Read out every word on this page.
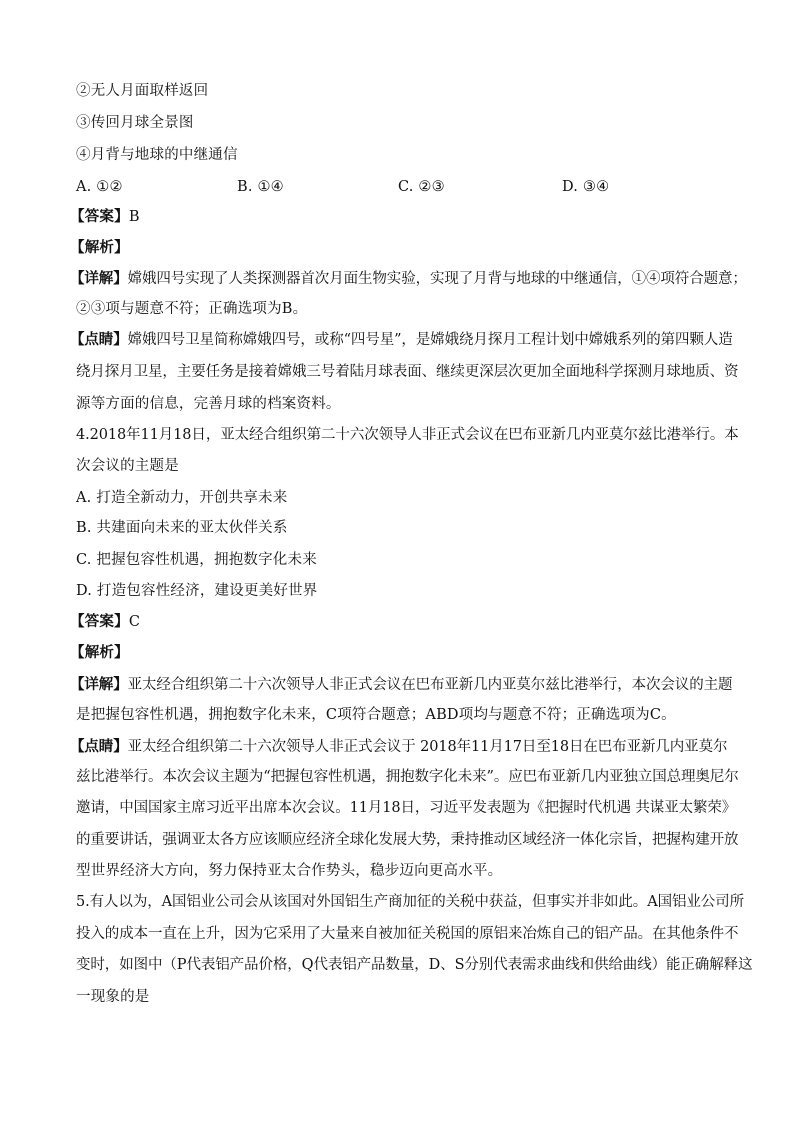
②无人月面取样返回
③传回月球全景图
④月背与地球的中继通信
A. ①②	B. ①④	C. ②③	D. ③④
【答案】B
【解析】
【详解】嫦娥四号实现了人类探测器首次月面生物实验，实现了月背与地球的中继通信，①④项符合题意；
②③项与题意不符；正确选项为B。
【点睛】嫦娥四号卫星简称嫦娥四号，或称“四号星”，是嫦娥绕月探月工程计划中嫦娥系列的第四颗人造
绕月探月卫星，主要任务是接着嫦娥三号着陆月球表面、继续更深层次更加全面地科学探测月球地质、资
源等方面的信息，完善月球的档案资料。
4.2018年11月18日，亚太经合组织第二十六次领导人非正式会议在巴布亚新几内亚莫尔兹比港举行。本
次会议的主题是
A. 打造全新动力，开创共享未来
B. 共建面向未来的亚太伙伴关系
C. 把握包容性机遇，拥抱数字化未来
D. 打造包容性经济，建设更美好世界
【答案】C
【解析】
【详解】亚太经合组织第二十六次领导人非正式会议在巴布亚新几内亚莫尔兹比港举行，本次会议的主题
是把握包容性机遇，拥抱数字化未来，C项符合题意；ABD项均与题意不符；正确选项为C。
【点睛】亚太经合组织第二十六次领导人非正式会议于 2018年11月17日至18日在巴布亚新几内亚莫尔
兹比港举行。本次会议主题为“把握包容性机遇，拥抱数字化未来”。应巴布亚新几内亚独立国总理奥尼尔
邀请，中国国家主席习近平出席本次会议。11月18日，习近平发表题为《把握时代机遇 共谋亚太繁荣》
的重要讲话，强调亚太各方应该顺应经济全球化发展大势，秉持推动区域经济一体化宗旨，把握构建开放
型世界经济大方向，努力保持亚太合作势头，稳步迈向更高水平。
5.有人以为，A国铝业公司会从该国对外国铝生产商加征的关税中获益，但事实并非如此。A国铝业公司所
投入的成本一直在上升，因为它采用了大量来自被加征关税国的原铝来冶炼自己的铝产品。在其他条件不
变时，如图中（P代表铝产品价格，Q代表铝产品数量，D、S分别代表需求曲线和供给曲线）能正确解释这
一现象的是
